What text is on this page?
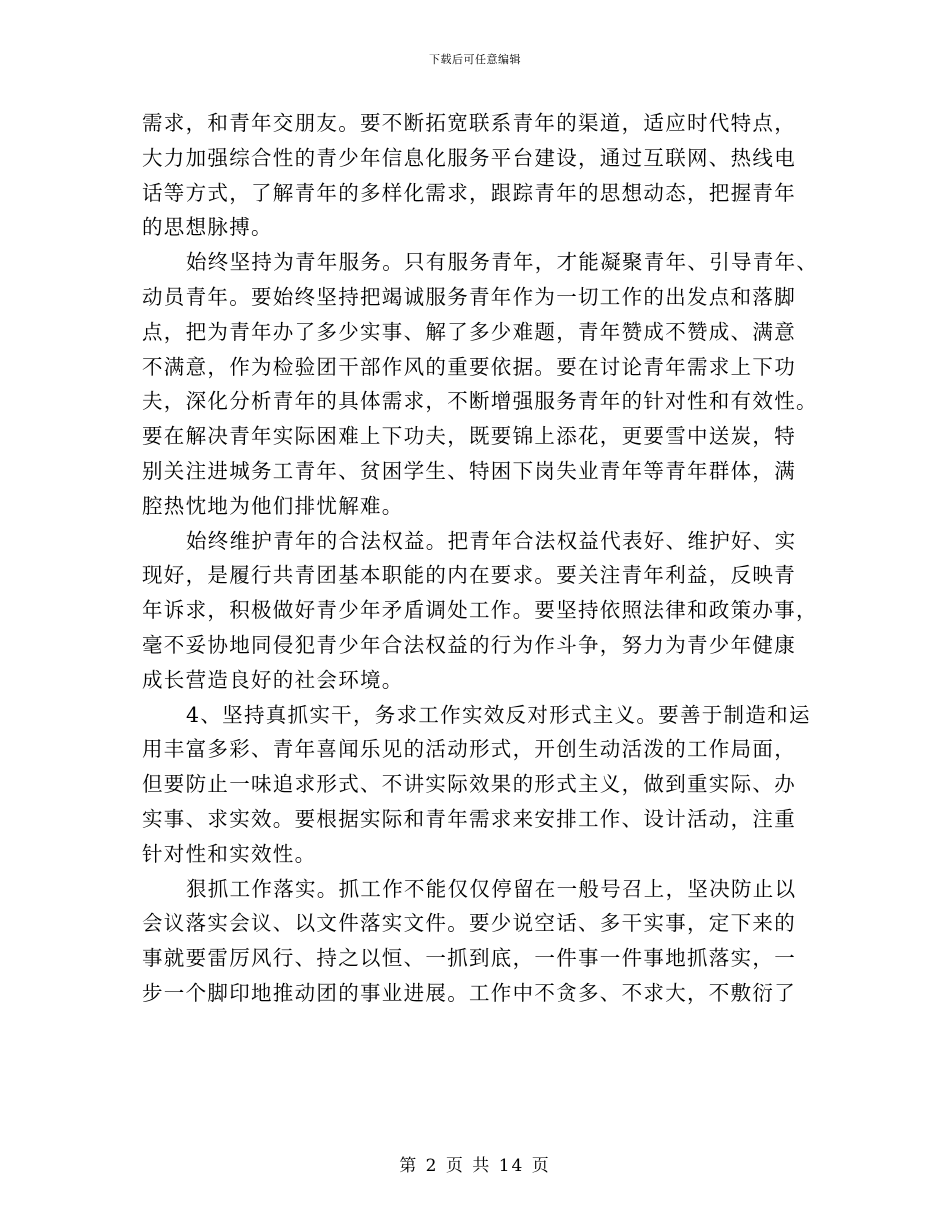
下载后可任意编辑
需求，和青年交朋友。要不断拓宽联系青年的渠道，适应时代特点，
大力加强综合性的青少年信息化服务平台建设，通过互联网、热线电
话等方式，了解青年的多样化需求，跟踪青年的思想动态，把握青年
的思想脉搏。
始终坚持为青年服务。只有服务青年，才能凝聚青年、引导青年、
动员青年。要始终坚持把竭诚服务青年作为一切工作的出发点和落脚
点，把为青年办了多少实事、解了多少难题，青年赞成不赞成、满意
不满意，作为检验团干部作风的重要依据。要在讨论青年需求上下功
夫，深化分析青年的具体需求，不断增强服务青年的针对性和有效性。
要在解决青年实际困难上下功夫，既要锦上添花，更要雪中送炭，特
别关注进城务工青年、贫困学生、特困下岗失业青年等青年群体，满
腔热忱地为他们排忧解难。
始终维护青年的合法权益。把青年合法权益代表好、维护好、实
现好，是履行共青团基本职能的内在要求。要关注青年利益，反映青
年诉求，积极做好青少年矛盾调处工作。要坚持依照法律和政策办事，
毫不妥协地同侵犯青少年合法权益的行为作斗争，努力为青少年健康
成长营造良好的社会环境。
4、坚持真抓实干，务求工作实效反对形式主义。要善于制造和运
用丰富多彩、青年喜闻乐见的活动形式，开创生动活泼的工作局面，
但要防止一味追求形式、不讲实际效果的形式主义，做到重实际、办
实事、求实效。要根据实际和青年需求来安排工作、设计活动，注重
针对性和实效性。
狠抓工作落实。抓工作不能仅仅停留在一般号召上，坚决防止以
会议落实会议、以文件落实文件。要少说空话、多干实事，定下来的
事就要雷厉风行、持之以恒、一抓到底，一件事一件事地抓落实，一
步一个脚印地推动团的事业进展。工作中不贪多、不求大，不敷衍了
第 2 页 共 14 页
